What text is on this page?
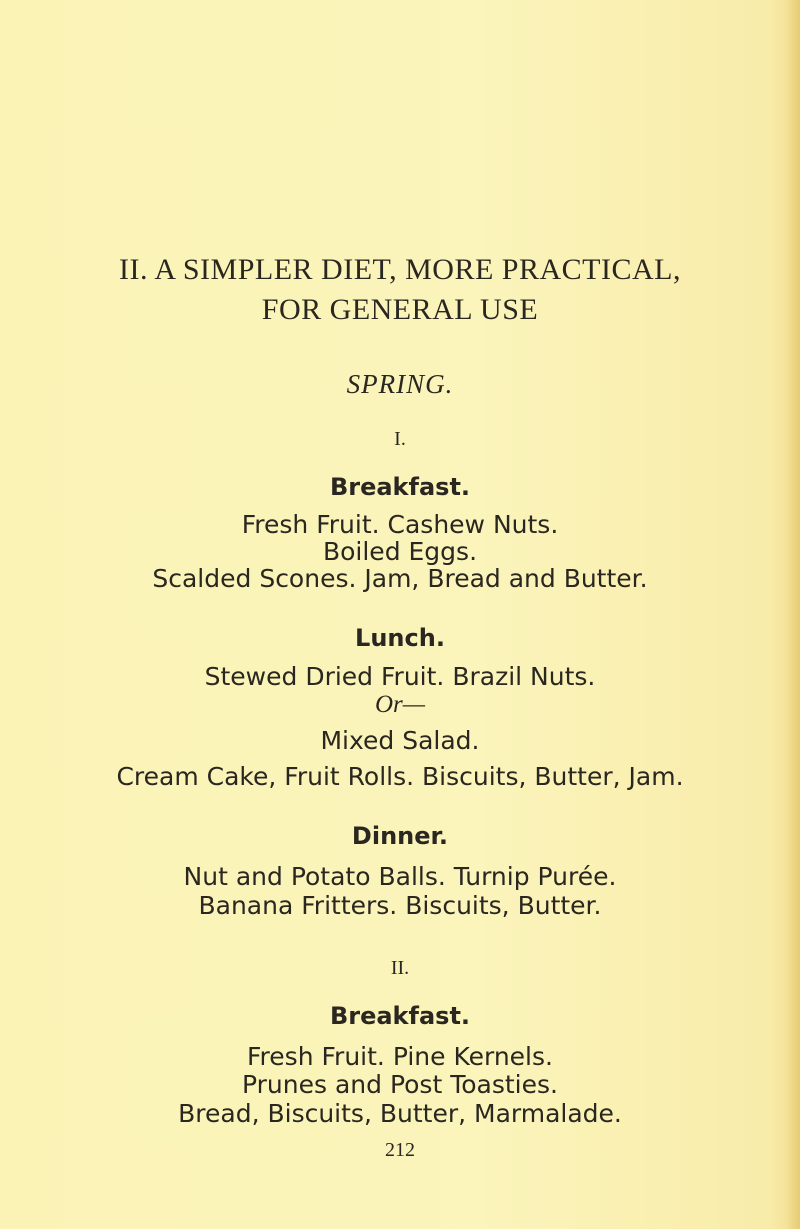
II. A SIMPLER DIET, MORE PRACTICAL,
FOR GENERAL USE
SPRING.
I.
Breakfast.
Fresh Fruit. Cashew Nuts.
Boiled Eggs.
Scalded Scones. Jam, Bread and Butter.
Lunch.
Stewed Dried Fruit. Brazil Nuts.
Or—
Mixed Salad.
Cream Cake, Fruit Rolls. Biscuits, Butter, Jam.
Dinner.
Nut and Potato Balls. Turnip Purée.
Banana Fritters. Biscuits, Butter.
II.
Breakfast.
Fresh Fruit. Pine Kernels.
Prunes and Post Toasties.
Bread, Biscuits, Butter, Marmalade.
212
